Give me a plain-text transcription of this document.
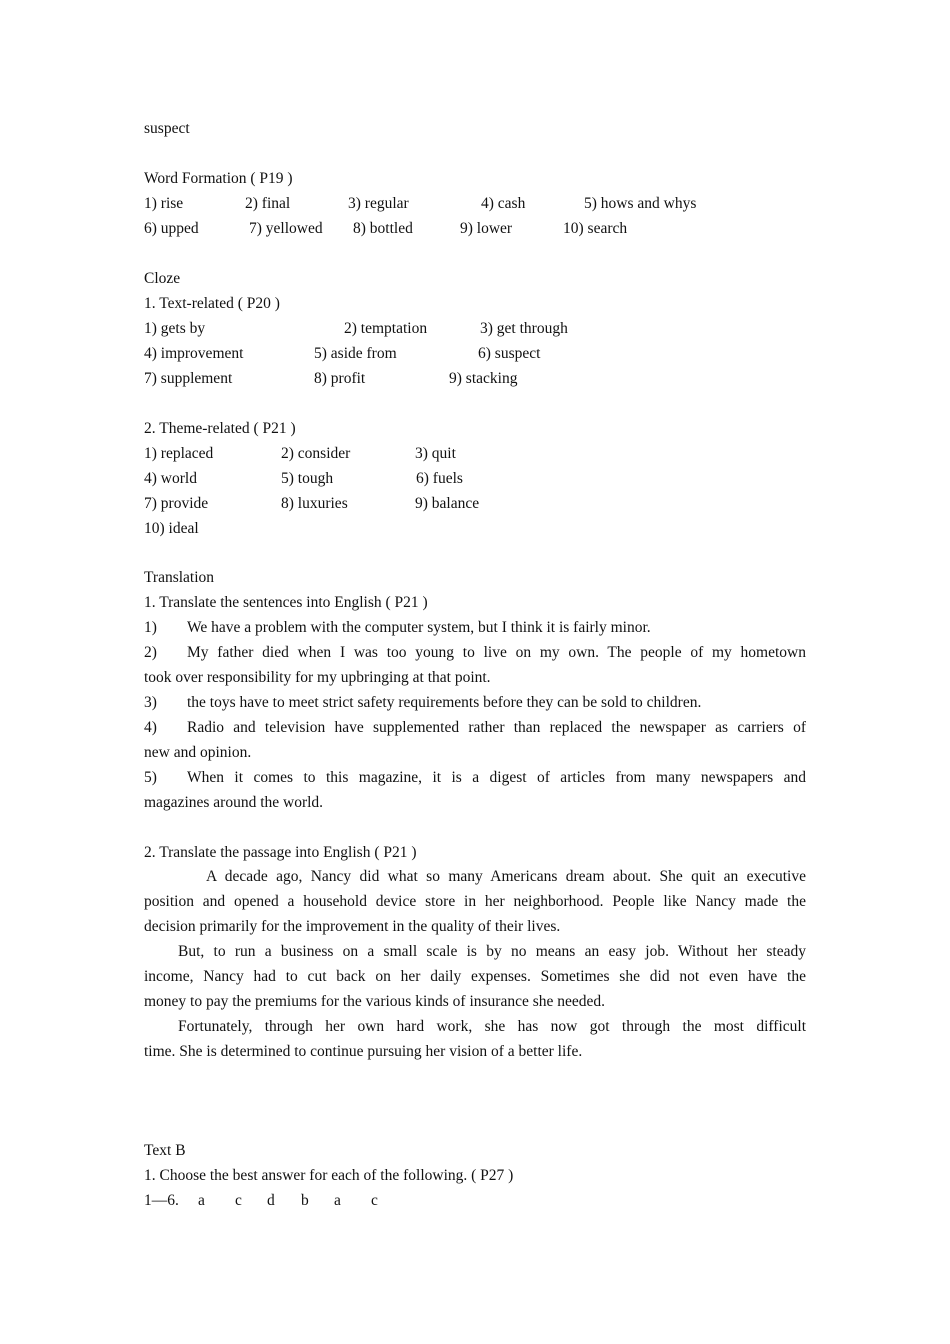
suspect
Word Formation ( P19 )
1) rise	2) final	3) regular	4) cash	5) hows and whys
6) upped	7) yellowed 8) bottled	9) lower	10) search
Cloze
1. Text-related ( P20 )
1) gets by	2) temptation	3) get through
4) improvement	5) aside from	6) suspect
7) supplement	8) profit	9) stacking
2. Theme-related ( P21 )
1) replaced	2) consider	3) quit
4) world	5) tough	6) fuels
7) provide	8) luxuries	9) balance
10) ideal
Translation
1. Translate the sentences into English ( P21 )
1) We have a problem with the computer system, but I think it is fairly minor.
2) My father died when I was too young to live on my own. The people of my hometown
took over responsibility for my upbringing at that point.
3) the toys have to meet strict safety requirements before they can be sold to children.
4) Radio and television have supplemented rather than replaced the newspaper as carriers of
new and opinion.
5) When it comes to this magazine, it is a digest of articles from many newspapers and
magazines around the world.
2. Translate the passage into English ( P21 )
A decade ago, Nancy did what so many Americans dream about. She quit an executive
position and opened a household device store in her neighborhood. People like Nancy made the
decision primarily for the improvement in the quality of their lives.
But, to run a business on a small scale is by no means an easy job. Without her steady
income, Nancy had to cut back on her daily expenses. Sometimes she did not even have the
money to pay the premiums for the various kinds of insurance she needed.
Fortunately, through her own hard work, she has now got through the most difficult
time. She is determined to continue pursuing her vision of a better life.
Text B
1. Choose the best answer for each of the following. ( P27 )
1—6. a c d b a c
